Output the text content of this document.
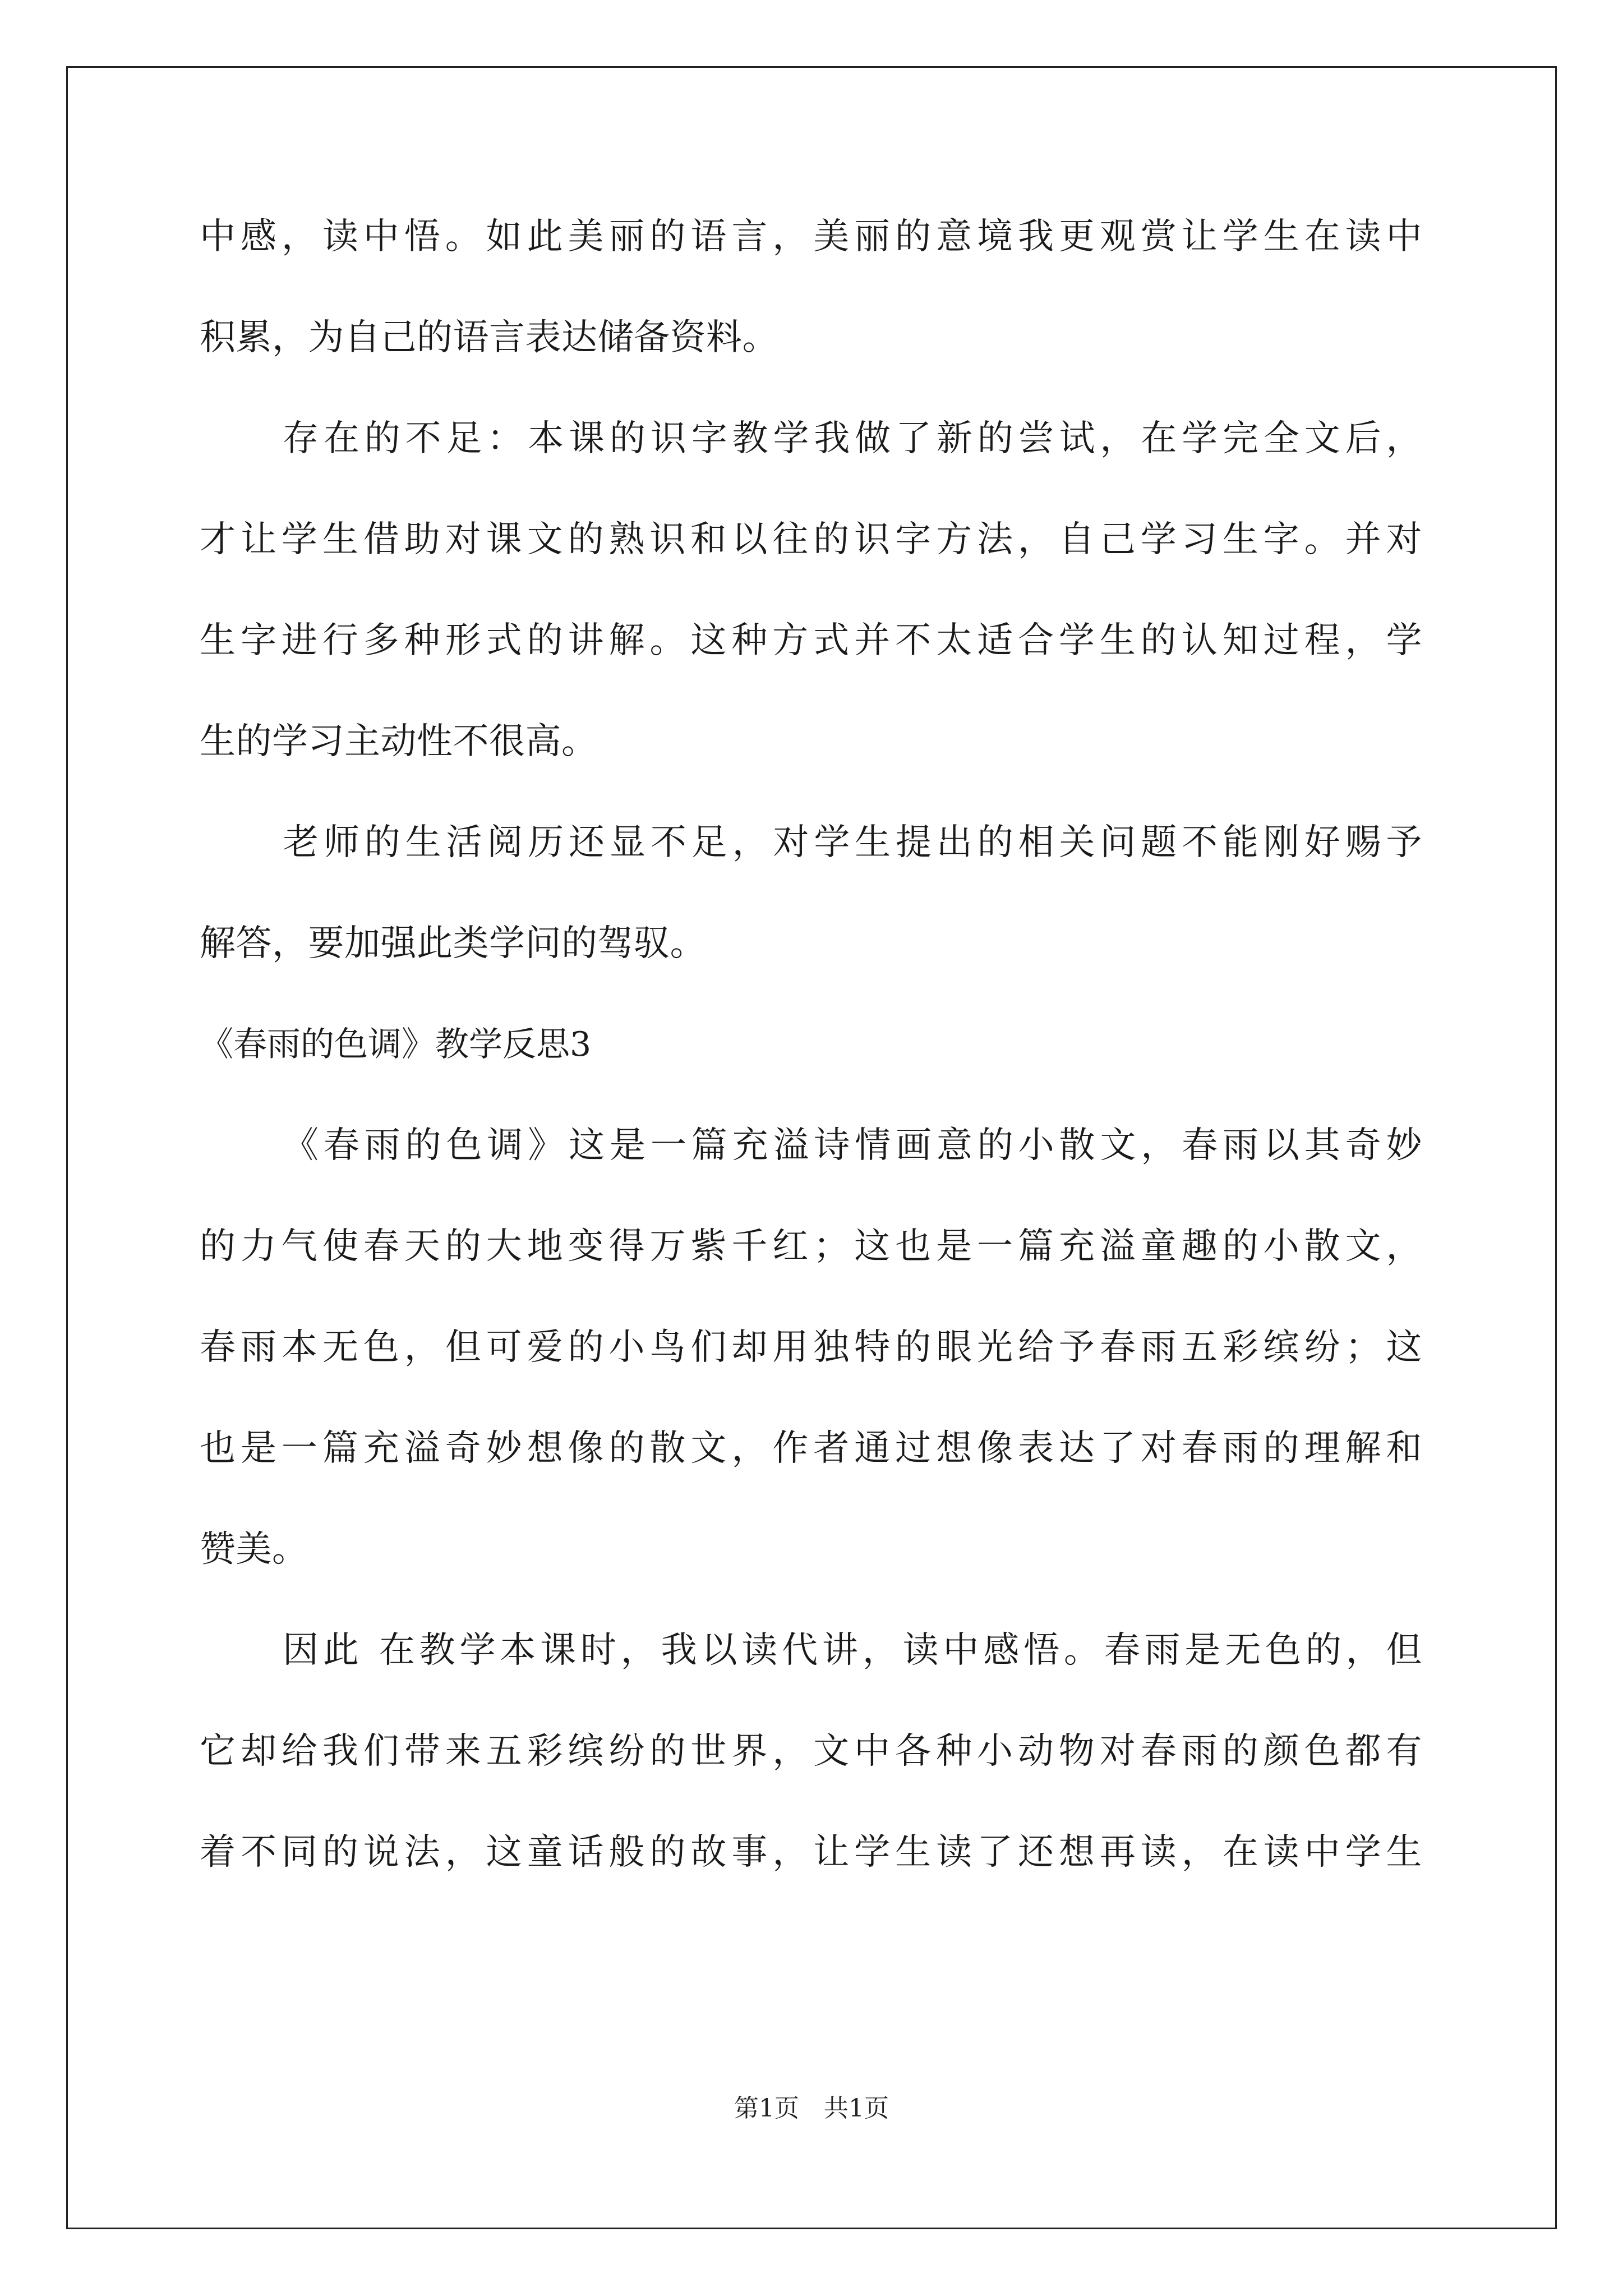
中感，读中悟。如此美丽的语言，美丽的意境我更观赏让学生在读中
积累，为自己的语言表达储备资料。
存在的不足：本课的识字教学我做了新的尝试，在学完全文后，
才让学生借助对课文的熟识和以往的识字方法，自己学习生字。并对
生字进行多种形式的讲解。这种方式并不太适合学生的认知过程，学
生的学习主动性不很高。
老师的生活阅历还显不足，对学生提出的相关问题不能刚好赐予
解答，要加强此类学问的驾驭。
《春雨的色调》教学反思3
《春雨的色调》这是一篇充溢诗情画意的小散文，春雨以其奇妙
的力气使春天的大地变得万紫千红；这也是一篇充溢童趣的小散文，
春雨本无色，但可爱的小鸟们却用独特的眼光给予春雨五彩缤纷；这
也是一篇充溢奇妙想像的散文，作者通过想像表达了对春雨的理解和
赞美。
因此 在教学本课时，我以读代讲，读中感悟。春雨是无色的，但
它却给我们带来五彩缤纷的世界，文中各种小动物对春雨的颜色都有
着不同的说法，这童话般的故事，让学生读了还想再读，在读中学生
第1页 共1页
